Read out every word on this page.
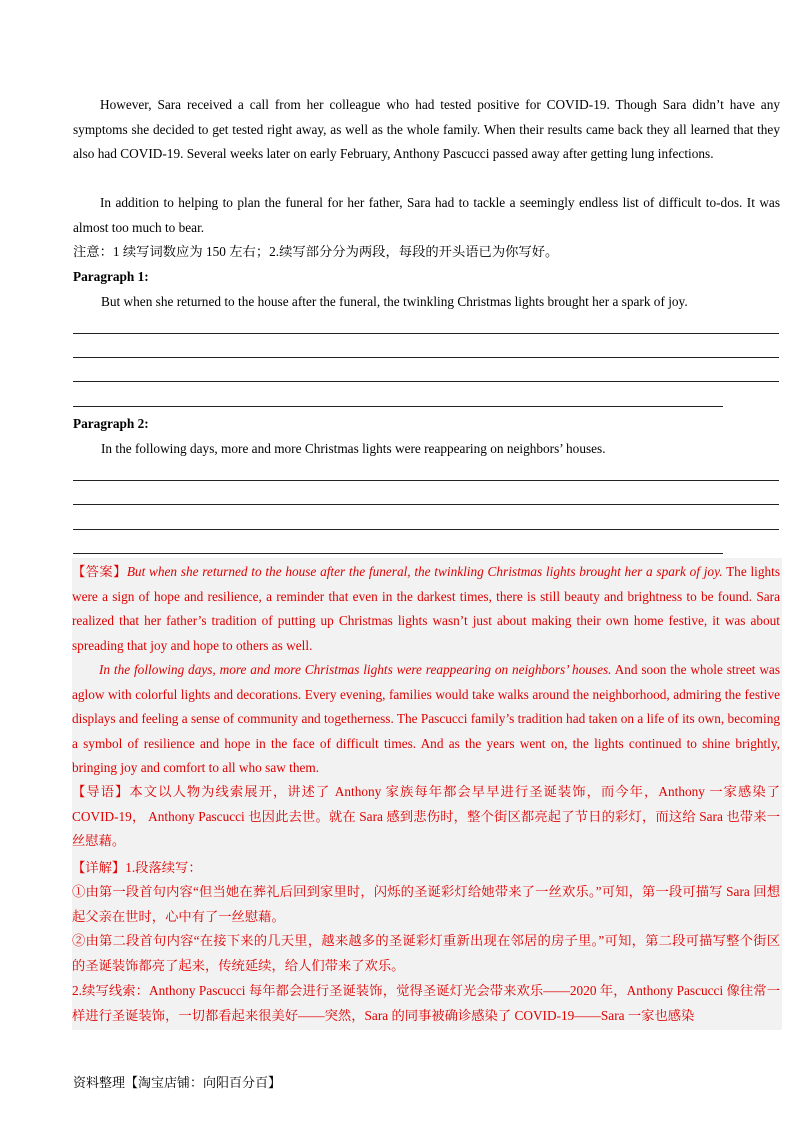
However, Sara received a call from her colleague who had tested positive for COVID-19. Though Sara didn’t have any symptoms she decided to get tested right away, as well as the whole family. When their results came back they all learned that they also had COVID-19. Several weeks later on early February, Anthony Pascucci passed away after getting lung infections.
In addition to helping to plan the funeral for her father, Sara had to tackle a seemingly endless list of difficult to-dos. It was almost too much to bear.
注意：1 续写词数应为 150 左右；2.续写部分分为两段，每段的开头语已为你写好。
Paragraph 1:
But when she returned to the house after the funeral, the twinkling Christmas lights brought her a spark of joy.
Paragraph 2:
In the following days, more and more Christmas lights were reappearing on neighbors’ houses.
【答案】But when she returned to the house after the funeral, the twinkling Christmas lights brought her a spark of joy. The lights were a sign of hope and resilience, a reminder that even in the darkest times, there is still beauty and brightness to be found. Sara realized that her father’s tradition of putting up Christmas lights wasn’t just about making their own home festive, it was about spreading that joy and hope to others as well.
In the following days, more and more Christmas lights were reappearing on neighbors’ houses. And soon the whole street was aglow with colorful lights and decorations. Every evening, families would take walks around the neighborhood, admiring the festive displays and feeling a sense of community and togetherness. The Pascucci family’s tradition had taken on a life of its own, becoming a symbol of resilience and hope in the face of difficult times. And as the years went on, the lights continued to shine brightly, bringing joy and comfort to all who saw them.
【导语】本文以人物为线索展开，讲述了 Anthony 家族每年都会早早进行圣诞装饰，而今年，Anthony 一家感染了 COVID-19， Anthony Pascucci 也因此去世。就在 Sara 感到悲伤时，整个街区都亮起了节日的彩灯，而这给 Sara 也带来一丝慰藉。
【详解】1.段落续写：
①由第一段首句内容“但当她在葬礼后回到家里时，闪烁的圣诞彩灯给她带来了一丝欢乐。”可知，第一段可描写 Sara 回想起父亲在世时，心中有了一丝慰藉。
②由第二段首句内容“在接下来的几天里，越来越多的圣诞彩灯重新出现在邻居的房子里。”可知，第二段可描写整个街区的圣诞装饰都亮了起来，传统延续，给人们带来了欢乐。
2.续写线索：Anthony Pascucci 每年都会进行圣诞装饰，觉得圣诞灯光会带来欢乐——2020 年，Anthony Pascucci 像往常一样进行圣诞装饰，一切都看起来很美好——突然，Sara 的同事被确诊感染了 COVID-19——Sara 一家也感染
资料整理【淘宝店铺：向阳百分百】
